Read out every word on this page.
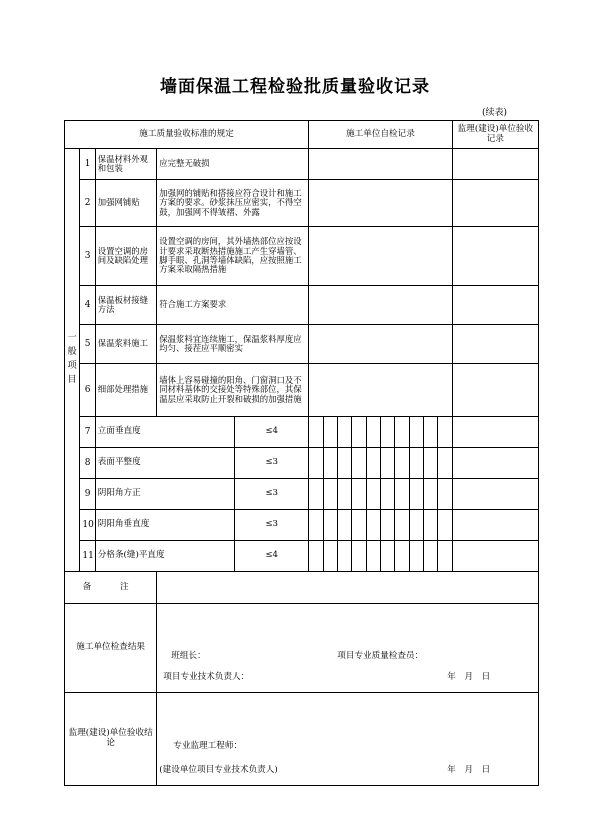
墙面保温工程检验批质量验收记录
(续表)
施工质量验收标准的规定					施工单位自检记录										监理(建设)单位验收记录
一
般
项
目	1	保温材料外观和包装	应完整无破损												
	2	加强网铺贴	加强网的铺贴和搭接应符合设计和施工方案的要求。砂浆抹压应密实，不得空鼓，加强网不得皱褶、外露												
	3	设置空调的房间及缺陷处理	设置空调的房间，其外墙热部位应按设计要求采取断热措施施工产生穿墙管、脚手眼、孔洞等墙体缺陷，应按照施工方案采取隔热措施												
	4	保温板材接缝方法	符合施工方案要求												
	5	保温浆料施工	保温浆料宜连续施工，保温浆料厚度应均匀、接茬应平顺密实												
	6	细部处理措施	墙体上容易碰撞的阳角、门窗洞口及不同材料基体的交接处等特殊部位，其保温层应采取防止开裂和破损的加强措施												
	7	立面垂直度		≤4											
	8	表面平整度		≤3											
	9	阴阳角方正		≤3											
	10	阴阳角垂直度		≤3											
	11	分格条(缝)平直度		≤4											
备　注															
施工单位检查结果			班组长： 项目专业质量检查员：
项目专业技术负责人： 年　月　日												

监理(建设)单位验收结论			专业监理工程师：
(建设单位项目专业技术负责人) 年　月　日												
